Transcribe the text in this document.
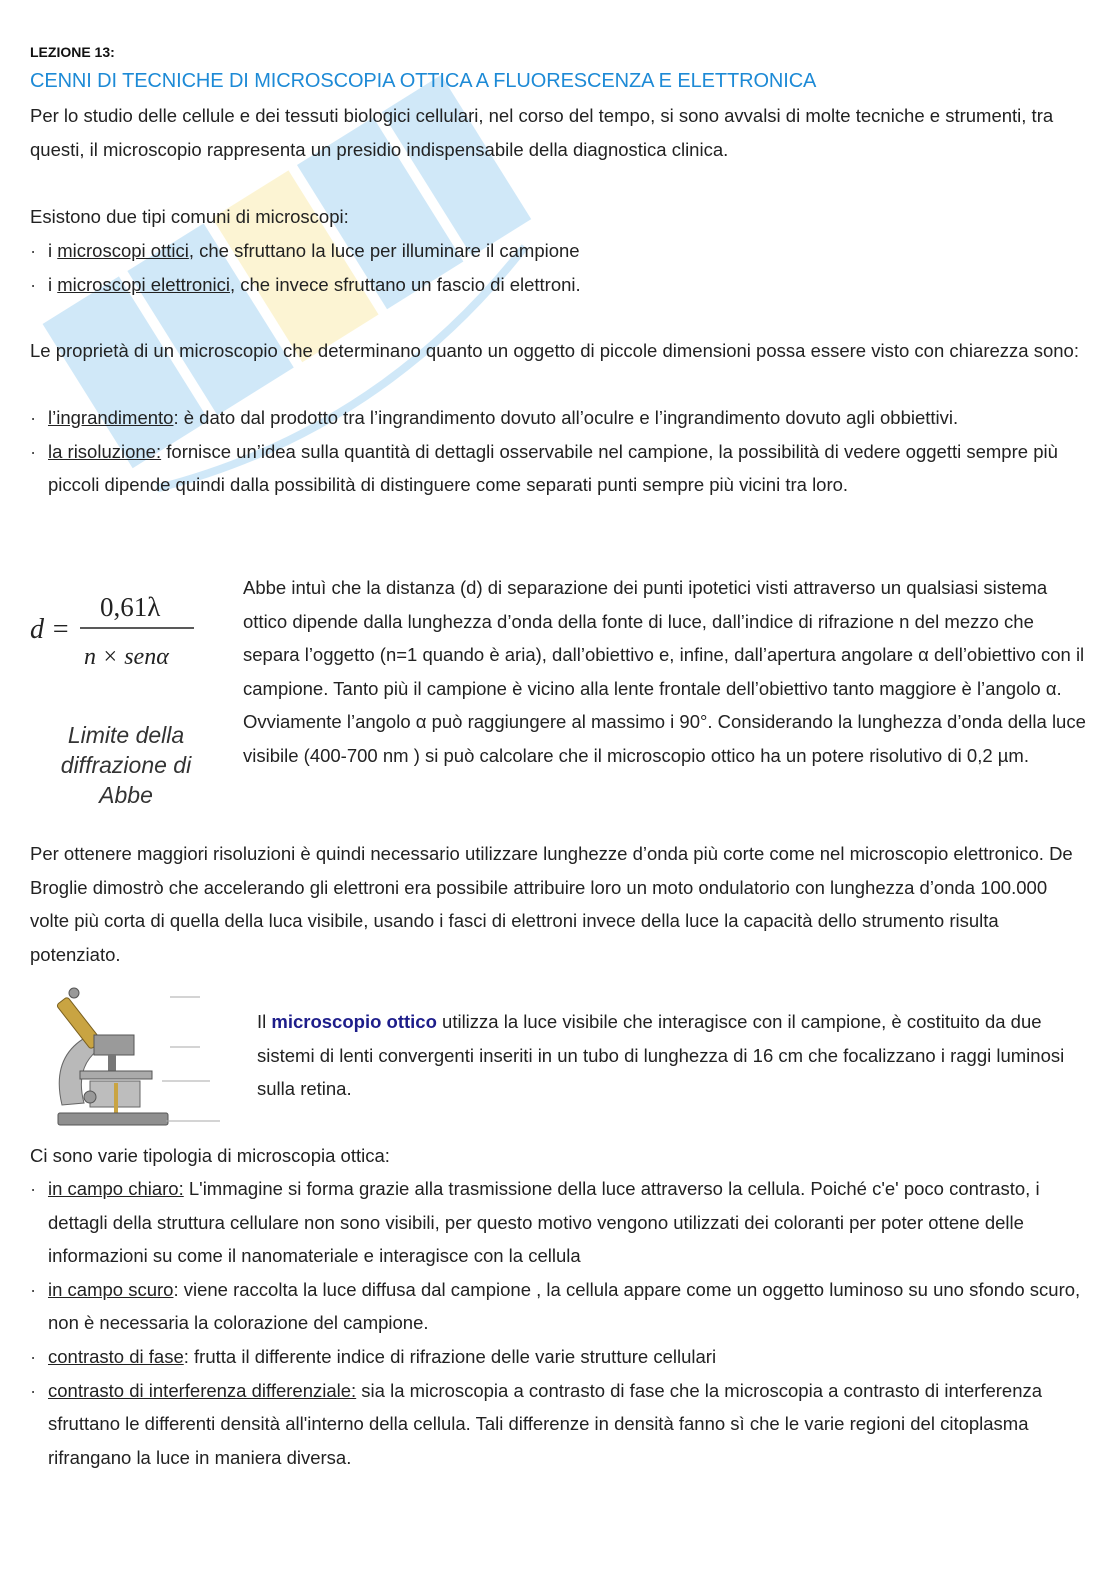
LEZIONE 13:
CENNI DI TECNICHE DI MICROSCOPIA OTTICA A FLUORESCENZA E ELETTRONICA

Per lo studio delle cellule e dei tessuti biologici cellulari, nel corso del tempo, si sono avvalsi di molte tecniche e strumenti, tra questi, il microscopio rappresenta un presidio indispensabile della diagnostica clinica.

Esistono due tipi comuni di microscopi:

· i microscopi ottici, che sfruttano la luce per illuminare il campione
· i microscopi elettronici, che invece sfruttano un fascio di elettroni.

Le proprietà di un microscopio che determinano quanto un oggetto di piccole dimensioni possa essere visto con chiarezza sono:

· l’ingrandimento: è dato dal prodotto tra l’ingrandimento dovuto all’oculre e l’ingrandimento dovuto agli obbiettivi.
· la risoluzione: fornisce un’idea sulla quantità di dettagli osservabile nel campione, la possibilità di vedere oggetti sempre più piccoli dipende quindi dalla possibilità di distinguere come separati punti sempre più vicini tra loro.
d =
0,61λ
n × senα
Limite della diffrazione di Abbe

Abbe intuì che la distanza (d) di separazione dei punti ipotetici visti attraverso un qualsiasi sistema ottico dipende dalla lunghezza d’onda della fonte di luce, dall’indice di rifrazione n del mezzo che separa l’oggetto (n=1 quando è aria), dall’obiettivo e, infine, dall’apertura angolare α dell’obiettivo con il campione. Tanto più il campione è vicino alla lente frontale dell’obiettivo tanto maggiore è l’angolo α. Ovviamente l’angolo α può raggiungere al massimo i 90°. Considerando la lunghezza d’onda della luce visibile (400-700 nm ) si può calcolare che il microscopio ottico ha un potere risolutivo di 0,2 µm.

Per ottenere maggiori risoluzioni è quindi necessario utilizzare lunghezze d’onda più corte come nel microscopio elettronico. De Broglie dimostrò che accelerando gli elettroni era possibile attribuire loro un moto ondulatorio con lunghezza d’onda 100.000 volte più corta di quella della luca visibile, usando i fasci di elettroni invece della luce la capacità dello strumento risulta potenziato.

Il microscopio ottico utilizza la luce visibile che interagisce con il campione, è costituito da due sistemi di lenti convergenti inseriti in un tubo di lunghezza di 16 cm che focalizzano i raggi luminosi sulla retina.

Ci sono varie tipologia di microscopia ottica:

· in campo chiaro: L'immagine si forma grazie alla trasmissione della luce attraverso la cellula. Poiché c'e' poco contrasto, i dettagli della struttura cellulare non sono visibili, per questo motivo vengono utilizzati dei coloranti per poter ottene delle informazioni su come il nanomateriale e interagisce con la cellula
· in campo scuro: viene raccolta la luce diffusa dal campione , la cellula appare come un oggetto luminoso su uno sfondo scuro, non è necessaria la colorazione del campione.
· contrasto di fase: frutta il differente indice di rifrazione delle varie strutture cellulari
· contrasto di interferenza differenziale: sia la microscopia a contrasto di fase che la microscopia a contrasto di interferenza sfruttano le differenti densità all'interno della cellula. Tali differenze in densità fanno sì che le varie regioni del citoplasma rifrangano la luce in maniera diversa.
